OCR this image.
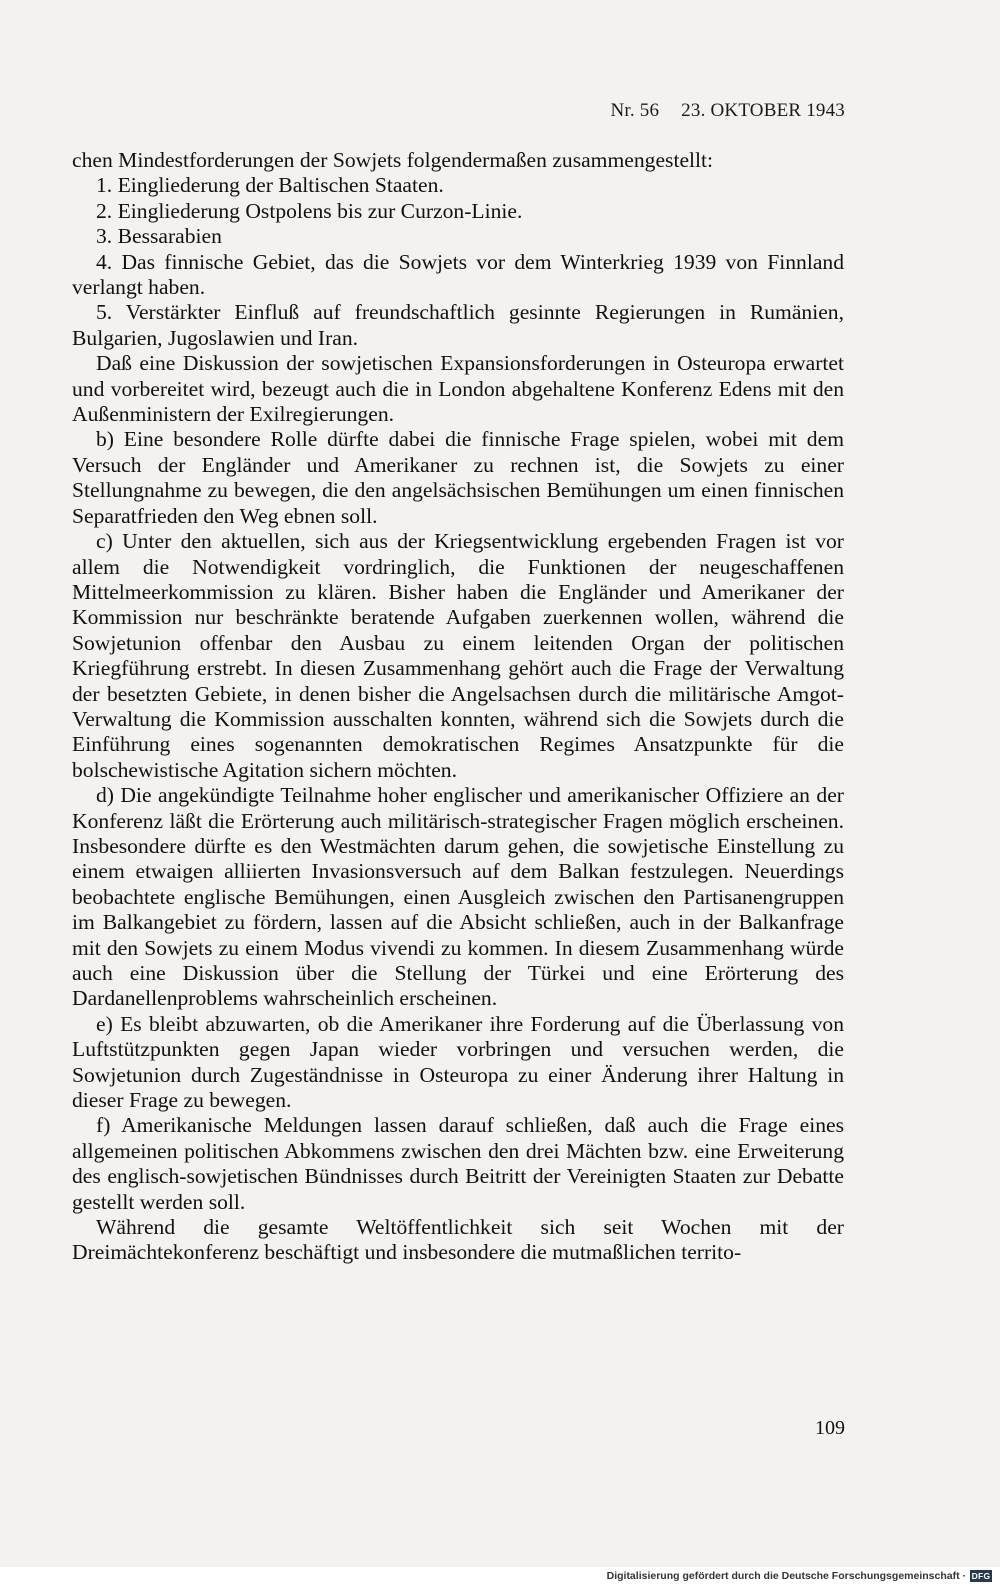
Nr. 56 23. OKTOBER 1943

chen Mindestforderungen der Sowjets folgendermaßen zusammengestellt:

1. Eingliederung der Baltischen Staaten.

2. Eingliederung Ostpolens bis zur Curzon-Linie.

3. Bessarabien

4. Das finnische Gebiet, das die Sowjets vor dem Winterkrieg 1939 von Finnland verlangt haben.

5. Verstärkter Einfluß auf freundschaftlich gesinnte Regierungen in Rumänien, Bulgarien, Jugoslawien und Iran.

Daß eine Diskussion der sowjetischen Expansionsforderungen in Osteuropa erwartet und vorbereitet wird, bezeugt auch die in London abgehaltene Konferenz Edens mit den Außenministern der Exilregierungen.

b) Eine besondere Rolle dürfte dabei die finnische Frage spielen, wobei mit dem Versuch der Engländer und Amerikaner zu rechnen ist, die Sowjets zu einer Stellungnahme zu bewegen, die den angelsächsischen Bemühungen um einen finnischen Separatfrieden den Weg ebnen soll.

c) Unter den aktuellen, sich aus der Kriegsentwicklung ergebenden Fragen ist vor allem die Notwendigkeit vordringlich, die Funktionen der neugeschaffenen Mittelmeerkommission zu klären. Bisher haben die Engländer und Amerikaner der Kommission nur beschränkte beratende Aufgaben zuerkennen wollen, während die Sowjetunion offenbar den Ausbau zu einem leitenden Organ der politischen Kriegführung erstrebt. In diesen Zusammenhang gehört auch die Frage der Verwaltung der besetzten Gebiete, in denen bisher die Angelsachsen durch die militärische Amgot-Verwaltung die Kommission ausschalten konnten, während sich die Sowjets durch die Einführung eines sogenannten demokratischen Regimes Ansatzpunkte für die bolschewistische Agitation sichern möchten.

d) Die angekündigte Teilnahme hoher englischer und amerikanischer Offiziere an der Konferenz läßt die Erörterung auch militärisch-strategischer Fragen möglich erscheinen. Insbesondere dürfte es den Westmächten darum gehen, die sowjetische Einstellung zu einem etwaigen alliierten Invasionsversuch auf dem Balkan festzulegen. Neuerdings beobachtete englische Bemühungen, einen Ausgleich zwischen den Partisanengruppen im Balkangebiet zu fördern, lassen auf die Absicht schließen, auch in der Balkanfrage mit den Sowjets zu einem Modus vivendi zu kommen. In diesem Zusammenhang würde auch eine Diskussion über die Stellung der Türkei und eine Erörterung des Dardanellenproblems wahrscheinlich erscheinen.

e) Es bleibt abzuwarten, ob die Amerikaner ihre Forderung auf die Überlassung von Luftstützpunkten gegen Japan wieder vorbringen und versuchen werden, die Sowjetunion durch Zugeständnisse in Osteuropa zu einer Änderung ihrer Haltung in dieser Frage zu bewegen.

f) Amerikanische Meldungen lassen darauf schließen, daß auch die Frage eines allgemeinen politischen Abkommens zwischen den drei Mächten bzw. eine Erweiterung des englisch-sowjetischen Bündnisses durch Beitritt der Vereinigten Staaten zur Debatte gestellt werden soll.

Während die gesamte Weltöffentlichkeit sich seit Wochen mit der Dreimächtekonferenz beschäftigt und insbesondere die mutmaßlichen territo-

109
Digitalisierung gefördert durch die Deutsche Forschungsgemeinschaft · DFG
